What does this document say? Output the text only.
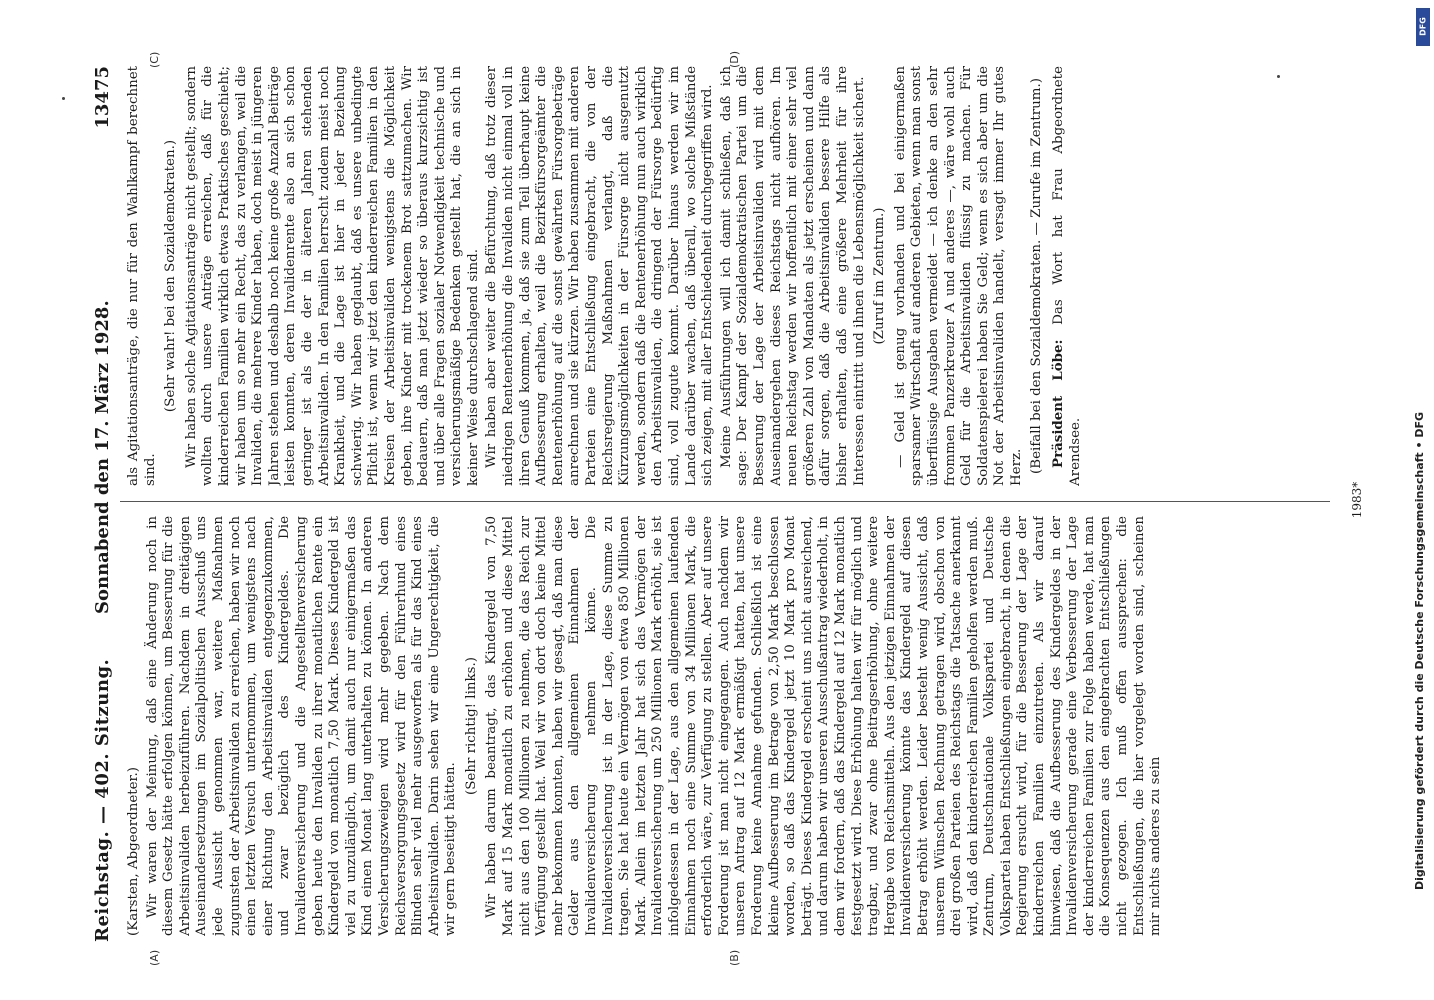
Reichstag. — 402. Sitzung.
Sonnabend den 17. März 1928.
13475
(A)	(B)
(C)	(D)

(Karsten, Abgeordneter.) Wir waren der Meinung, daß eine Änderung noch in diesem Gesetz hätte erfolgen können, um Besserung für die Arbeitsinvaliden herbeizuführen. Nachdem in dreitägigen Auseinandersetzungen im Sozialpolitischen Ausschuß uns jede Aussicht genommen war, weitere Maßnahmen zugunsten der Arbeitsinvaliden zu erreichen, haben wir noch einen letzten Versuch unternommen, um wenigstens nach einer Richtung den Arbeitsinvaliden entgegenzukommen, und zwar bezüglich des Kindergeldes. Die Invalidenversicherung und die Angestelltenversicherung geben heute den Invaliden zu ihrer monatlichen Rente ein Kindergeld von monatlich 7,50 Mark. Dieses Kindergeld ist viel zu unzulänglich, um damit auch nur einigermaßen das Kind einen Monat lang unterhalten zu können. In anderen Versicherungszweigen wird mehr gegeben. Nach dem Reichsversorgungsgesetz wird für den Führerhund eines Blinden sehr viel mehr ausgeworfen als für das Kind eines Arbeitsinvaliden. Darin sehen wir eine Ungerechtigkeit, die wir gern beseitigt hätten.

(Sehr richtig! links.) Wir haben darum beantragt, das Kindergeld von 7,50 Mark auf 15 Mark monatlich zu erhöhen und diese Mittel nicht aus den 100 Millionen zu nehmen, die das Reich zur Verfügung gestellt hat. Weil wir von dort doch keine Mittel mehr bekommen konnten, haben wir gesagt, daß man diese Gelder aus den allgemeinen Einnahmen der Invalidenversicherung nehmen könne. Die Invalidenversicherung ist in der Lage, diese Summe zu tragen. Sie hat heute ein Vermögen von etwa 850 Millionen Mark. Allein im letzten Jahr hat sich das Vermögen der Invalidenversicherung um 250 Millionen Mark erhöht, sie ist infolgedessen in der Lage, aus den allgemeinen laufenden Einnahmen noch eine Summe von 34 Millionen Mark, die erforderlich wäre, zur Verfügung zu stellen. Aber auf unsere Forderung ist man nicht eingegangen. Auch nachdem wir unseren Antrag auf 12 Mark ermäßigt hatten, hat unsere Forderung keine Annahme gefunden. Schließlich ist eine kleine Aufbesserung im Betrage von 2,50 Mark beschlossen worden, so daß das Kindergeld jetzt 10 Mark pro Monat beträgt. Dieses Kindergeld erscheint uns nicht ausreichend, und darum haben wir unseren Ausschußantrag wiederholt, in dem wir fordern, daß das Kindergeld auf 12 Mark monatlich festgesetzt wird. Diese Erhöhung halten wir für möglich und tragbar, und zwar ohne Beitragserhöhung, ohne weitere Hergabe von Reichsmitteln. Aus den jetzigen Einnahmen der Invalidenversicherung könnte das Kindergeld auf diesen Betrag erhöht werden. Leider besteht wenig Aussicht, daß unserem Wünschen Rechnung getragen wird, obschon von drei großen Parteien des Reichstags die Tatsache anerkannt wird, daß den kinderreichen Familien geholfen werden muß. Zentrum, Deutschnationale Volkspartei und Deutsche Volkspartei haben Entschließungen eingebracht, in denen die Regierung ersucht wird, für die Besserung der Lage der kinderreichen Familien einzutreten. Als wir darauf hinwiesen, daß die Aufbesserung des Kindergeldes in der Invalidenversicherung gerade eine Verbesserung der Lage der kinderreichen Familien zur Folge haben werde, hat man die Konsequenzen aus den eingebrachten Entschließungen nicht gezogen. Ich muß offen aussprechen: die Entschließungen, die hier vorgelegt worden sind, scheinen mir nichts anderes zu sein

als Agitationsanträge, die nur für den Wahlkampf berechnet sind.

(Sehr wahr! bei den Sozialdemokraten.) Wir haben solche Agitationsanträge nicht gestellt; sondern wollten durch unsere Anträge erreichen, daß für die kinderreichen Familien wirklich etwas Praktisches geschieht; wir haben um so mehr ein Recht, das zu verlangen, weil die Invaliden, die mehrere Kinder haben, doch meist in jüngeren Jahren stehen und deshalb noch keine große Anzahl Beiträge leisten konnten, deren Invalidenrente also an sich schon geringer ist als die der in älteren Jahren stehenden Arbeitsinvaliden. In den Familien herrscht zudem meist noch Krankheit, und die Lage ist hier in jeder Beziehung schwierig. Wir haben geglaubt, daß es unsere unbedingte Pflicht ist, wenn wir jetzt den kinderreichen Familien in den Kreisen der Arbeitsinvaliden wenigstens die Möglichkeit geben, ihre Kinder mit trockenem Brot sattzumachen. Wir bedauern, daß man jetzt wieder so überaus kurzsichtig ist und über alle Fragen sozialer Notwendigkeit technische und versicherungsmäßige Bedenken gestellt hat, die an sich in keiner Weise durchschlagend sind. Wir haben aber weiter die Befürchtung, daß trotz dieser niedrigen Rentenerhöhung die Invaliden nicht einmal voll in ihren Genuß kommen, ja, daß sie zum Teil überhaupt keine Aufbesserung erhalten, weil die Bezirksfürsorgeämter die Rentenerhöhung auf die sonst gewährten Fürsorgebeträge anrechnen und sie kürzen. Wir haben zusammen mit anderen Parteien eine Entschließung eingebracht, die von der Reichsregierung Maßnahmen verlangt, daß die Kürzungsmöglichkeiten in der Fürsorge nicht ausgenutzt werden, sondern daß die Rentenerhöhung nun auch wirklich den Arbeitsinvaliden, die dringend der Fürsorge bedürftig sind, voll zugute kommt. Darüber hinaus werden wir im Lande darüber wachen, daß überall, wo solche Mißstände sich zeigen, mit aller Entschiedenheit durchgegriffen wird. Meine Ausführungen will ich damit schließen, daß ich sage: Der Kampf der Sozialdemokratischen Partei um die Besserung der Lage der Arbeitsinvaliden wird mit dem Auseinandergehen dieses Reichstags nicht aufhören. Im neuen Reichstag werden wir hoffentlich mit einer sehr viel größeren Zahl von Mandaten als jetzt erscheinen und dann dafür sorgen, daß die Arbeitsinvaliden bessere Hilfe als bisher erhalten, daß eine größere Mehrheit für ihre Interessen eintritt und ihnen die Lebensmöglichkeit sichert. (Zuruf im Zentrum.) — Geld ist genug vorhanden und bei einigermaßen sparsamer Wirtschaft auf anderen Gebieten, wenn man sonst überflüssige Ausgaben vermeidet — ich denke an den sehr frommen Panzerkreuzer A und anderes —, wäre wohl auch Geld für die Arbeitsinvaliden flüssig zu machen. Für Soldatenspielerei haben Sie Geld; wenn es sich aber um die Not der Arbeitsinvaliden handelt, versagt immer Ihr gutes Herz. (Beifall bei den Sozialdemokraten. — Zurufe im Zentrum.) Präsident Löbe: Das Wort hat Frau Abgeordnete Arendsee.

1983*
DFG
Digitalisierung gefördert durch die Deutsche Forschungsgemeinschaft • DFG
